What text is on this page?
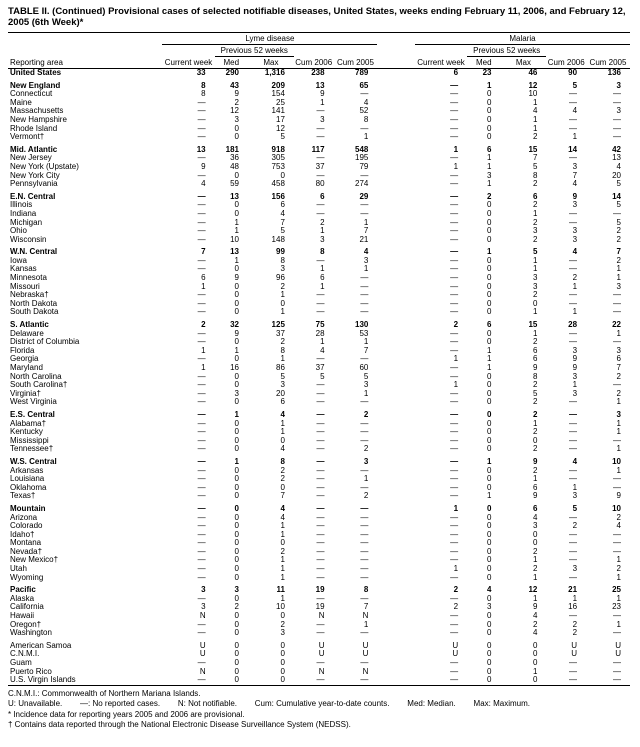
TABLE II. (Continued) Provisional cases of selected notifiable diseases, United States, weeks ending February 11, 2006, and February 12, 2005 (6th Week)*
Reporting area	Lyme disease						Malaria				
	Current week	Previous 52 weeks		Cum 2006	Cum 2005		Current week	Previous 52 weeks		Cum 2006	Cum 2005
		Med	Max					Med	Max		
United States	33	290	1,316	238	789		6	23	46	90	136
New England	8	43	209	13	65		—	1	12	5	3
Connecticut	8	9	154	9	—		—	0	10	—	—
Maine	—	2	25	1	4		—	0	1	—	—
Massachusetts	—	12	141	—	52		—	0	4	4	3
New Hampshire	—	3	17	3	8		—	0	1	—	—
Rhode Island	—	0	12	—	—		—	0	1	—	—
Vermont†	—	0	5	—	1		—	0	2	1	—
Mid. Atlantic	13	181	918	117	548		1	6	15	14	42
New Jersey	—	36	305	—	195		—	1	7	—	13
New York (Upstate)	9	48	753	37	79		1	1	5	3	4
New York City	—	0	0	—	—		—	3	8	7	20
Pennsylvania	4	59	458	80	274		—	1	2	4	5
E.N. Central	—	13	156	6	29		—	2	6	9	14
Illinois	—	0	6	—	—		—	0	2	3	5
Indiana	—	0	4	—	—		—	0	1	—	—
Michigan	—	1	7	2	1		—	0	2	—	5
Ohio	—	1	5	1	7		—	0	3	3	2
Wisconsin	—	10	148	3	21		—	0	2	3	2
W.N. Central	7	13	99	8	4		—	1	5	4	7
Iowa	—	1	8	—	3		—	0	1	—	2
Kansas	—	0	3	1	1		—	0	1	—	1
Minnesota	6	9	96	6	—		—	0	3	2	1
Missouri	1	0	2	1	—		—	0	3	1	3
Nebraska†	—	0	1	—	—		—	0	2	—	—
North Dakota	—	0	0	—	—		—	0	0	—	—
South Dakota	—	0	1	—	—		—	0	1	1	—
S. Atlantic	2	32	125	75	130		2	6	15	28	22
Delaware	—	9	37	28	53		—	0	1	—	1
District of Columbia	—	0	2	1	1		—	0	2	—	—
Florida	1	1	8	4	7		—	1	6	3	3
Georgia	—	0	1	—	—		1	1	6	9	6
Maryland	1	16	86	37	60		—	1	9	9	7
North Carolina	—	0	5	5	5		—	0	8	3	2
South Carolina†	—	0	3	—	3		1	0	2	1	—
Virginia†	—	3	20	—	1		—	0	5	3	2
West Virginia	—	0	6	—	—		—	0	2	—	1
E.S. Central	—	1	4	—	2		—	0	2	—	3
Alabama†	—	0	1	—	—		—	0	1	—	1
Kentucky	—	0	1	—	—		—	0	2	—	1
Mississippi	—	0	0	—	—		—	0	0	—	—
Tennessee†	—	0	4	—	2		—	0	2	—	1
W.S. Central	—	1	8	—	3		—	1	9	4	10
Arkansas	—	0	2	—	—		—	0	2	—	1
Louisiana	—	0	2	—	1		—	0	1	—	—
Oklahoma	—	0	0	—	—		—	0	6	1	—
Texas†	—	0	7	—	2		—	1	9	3	9
Mountain	—	0	4	—	—		1	0	6	5	10
Arizona	—	0	4	—	—		—	0	4	—	2
Colorado	—	0	1	—	—		—	0	3	2	4
Idaho†	—	0	1	—	—		—	0	0	—	—
Montana	—	0	0	—	—		—	0	0	—	—
Nevada†	—	0	2	—	—		—	0	2	—	—
New Mexico†	—	0	1	—	—		—	0	1	—	1
Utah	—	0	1	—	—		1	0	2	3	2
Wyoming	—	0	1	—	—		—	0	1	—	1
Pacific	3	3	11	19	8		2	4	12	21	25
Alaska	—	0	1	—	—		—	0	1	1	1
California	3	2	10	19	7		2	3	9	16	23
Hawaii	N	0	0	N	N		—	0	4	—	—
Oregon†	—	0	2	—	1		—	0	2	2	1
Washington	—	0	3	—	—		—	0	4	2	—
American Samoa	U	0	0	U	U		U	0	0	U	U
C.N.M.I.	U	0	0	U	U		U	0	0	U	U
Guam	—	0	0	—	—		—	0	0	—	—
Puerto Rico	N	0	0	N	N		—	0	1	—	—
U.S. Virgin Islands	—	0	0	—	—		—	0	0	—	—
C.N.M.I.: Commonwealth of Northern Mariana Islands.
U: Unavailable.        —: No reported cases.        N: Not notifiable.        Cum: Cumulative year-to-date counts.        Med: Median.        Max: Maximum.
* Incidence data for reporting years 2005 and 2006 are provisional.
† Contains data reported through the National Electronic Disease Surveillance System (NEDSS).
